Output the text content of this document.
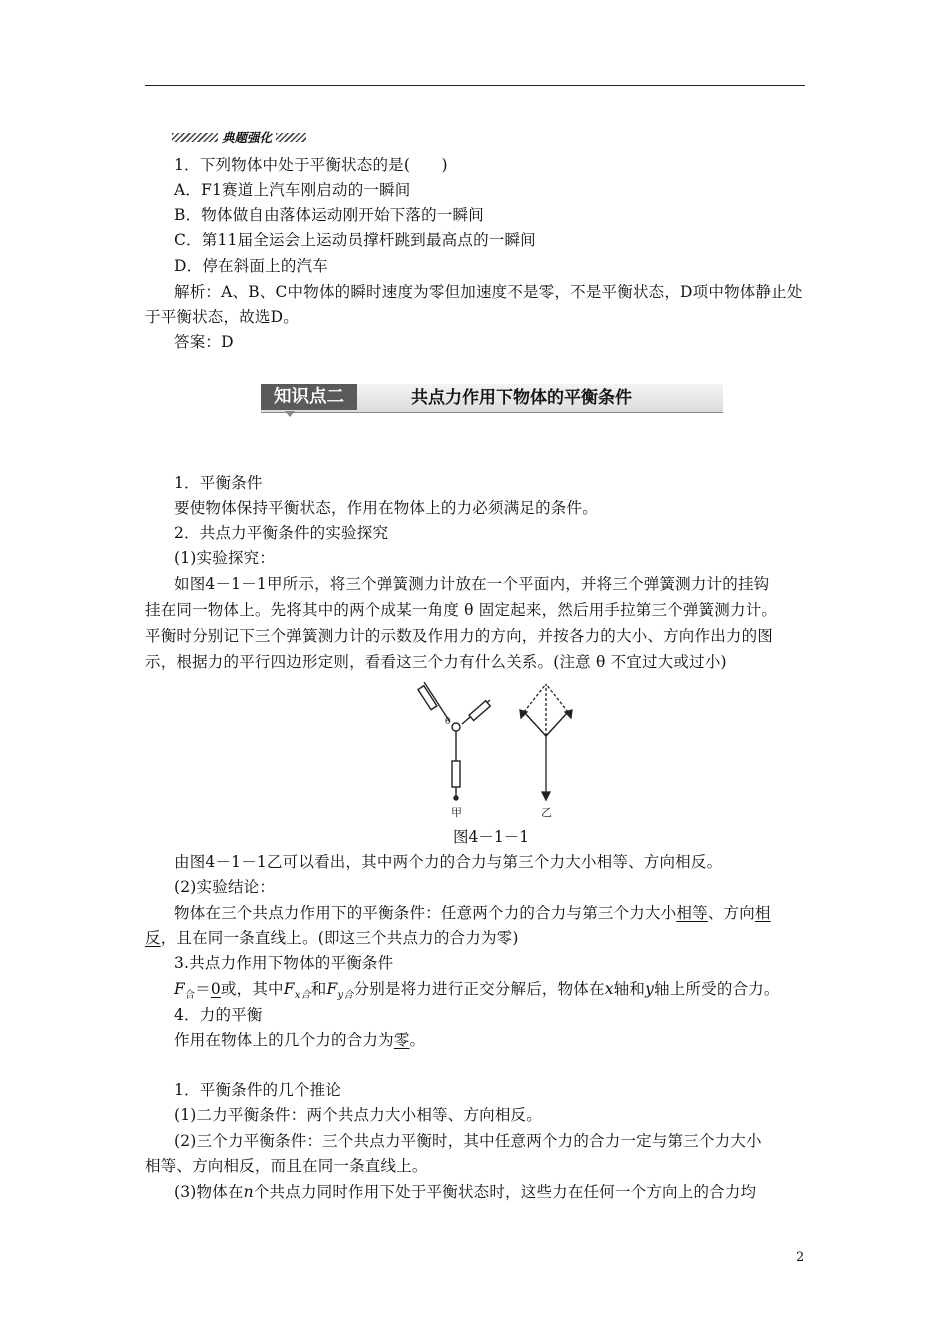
典题强化
1．下列物体中处于平衡状态的是(　　)
A．F1赛道上汽车刚启动的一瞬间
B．物体做自由落体运动刚开始下落的一瞬间
C．第11届全运会上运动员撑杆跳到最高点的一瞬间
D．停在斜面上的汽车
解析：A、B、C中物体的瞬时速度为零但加速度不是零，不是平衡状态，D项中物体静止处
于平衡状态，故选D。
答案：D
知识点二	共点力作用下物体的平衡条件
1．平衡条件
要使物体保持平衡状态，作用在物体上的力必须满足的条件。
2．共点力平衡条件的实验探究
(1)实验探究：
如图4－1－1甲所示，将三个弹簧测力计放在一个平面内，并将三个弹簧测力计的挂钩
挂在同一物体上。先将其中的两个成某一角度 θ 固定起来，然后用手拉第三个弹簧测力计。
平衡时分别记下三个弹簧测力计的示数及作用力的方向，并按各力的大小、方向作出力的图
示，根据力的平行四边形定则，看看这三个力有什么关系。(注意 θ 不宜过大或过小)
θ
甲	乙
图4－1－1
由图4－1－1乙可以看出，其中两个力的合力与第三个力大小相等、方向相反。
(2)实验结论：
物体在三个共点力作用下的平衡条件：任意两个力的合力与第三个力大小相等、方向相
反，且在同一条直线上。(即这三个共点力的合力为零)
3.共点力作用下物体的平衡条件
$F_合=0$或，其中$F_{x合}$和$F_{y合}$分别是将力进行正交分解后，物体在x轴和y轴上所受的合力。
4．力的平衡
作用在物体上的几个力的合力为零。
1．平衡条件的几个推论
(1)二力平衡条件：两个共点力大小相等、方向相反。
(2)三个力平衡条件：三个共点力平衡时，其中任意两个力的合力一定与第三个力大小
相等、方向相反，而且在同一条直线上。
(3)物体在n个共点力同时作用下处于平衡状态时，这些力在任何一个方向上的合力均
2
